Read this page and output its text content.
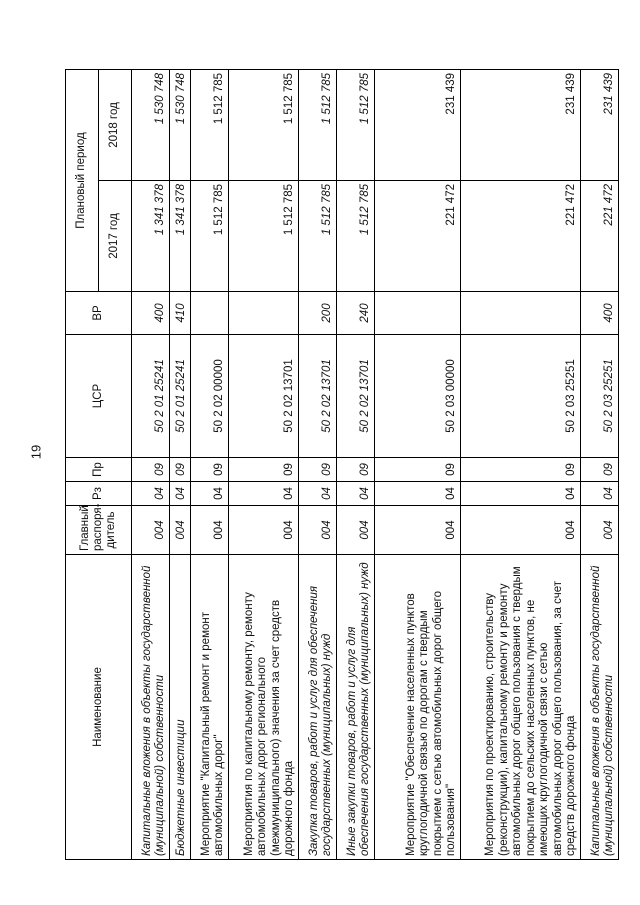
19
Наименование	Главный распоря-дитель	Рз	Пр	ЦСР	ВР	Плановый период	
						2017 год	2018 год
Капитальные вложения в объекты государственной (муниципальной) собственности	004	04	09	50 2 01 25241	400	1 341 378	1 530 748
Бюджетные инвестиции	004	04	09	50 2 01 25241	410	1 341 378	1 530 748
Мероприятие "Капитальный ремонт и ремонт автомобильных дорог"	004	04	09	50 2 02 00000		1 512 785	1 512 785
Мероприятия по капитальному ремонту, ремонту автомобильных дорог регионального (межмуниципального) значения за счет средств дорожного фонда	004	04	09	50 2 02 13701		1 512 785	1 512 785
Закупка товаров, работ и услуг для обеспечения государственных (муниципальных) нужд	004	04	09	50 2 02 13701	200	1 512 785	1 512 785
Иные закупки товаров, работ и услуг для обеспечения государственных (муниципальных) нужд	004	04	09	50 2 02 13701	240	1 512 785	1 512 785
Мероприятие "Обеспечение населенных пунктов круглогодичной связью по дорогам с твердым покрытием с сетью автомобильных дорог общего пользования"	004	04	09	50 2 03 00000		221 472	231 439
Мероприятия по проектированию, строительству (реконструкции), капитальному ремонту и ремонту автомобильных дорог общего пользования с твердым покрытием до сельских населенных пунктов, не имеющих круглогодичной связи с сетью автомобильных дорог общего пользования, за счет средств дорожного фонда	004	04	09	50 2 03 25251		221 472	231 439
Капитальные вложения в объекты государственной (муниципальной) собственности	004	04	09	50 2 03 25251	400	221 472	231 439
